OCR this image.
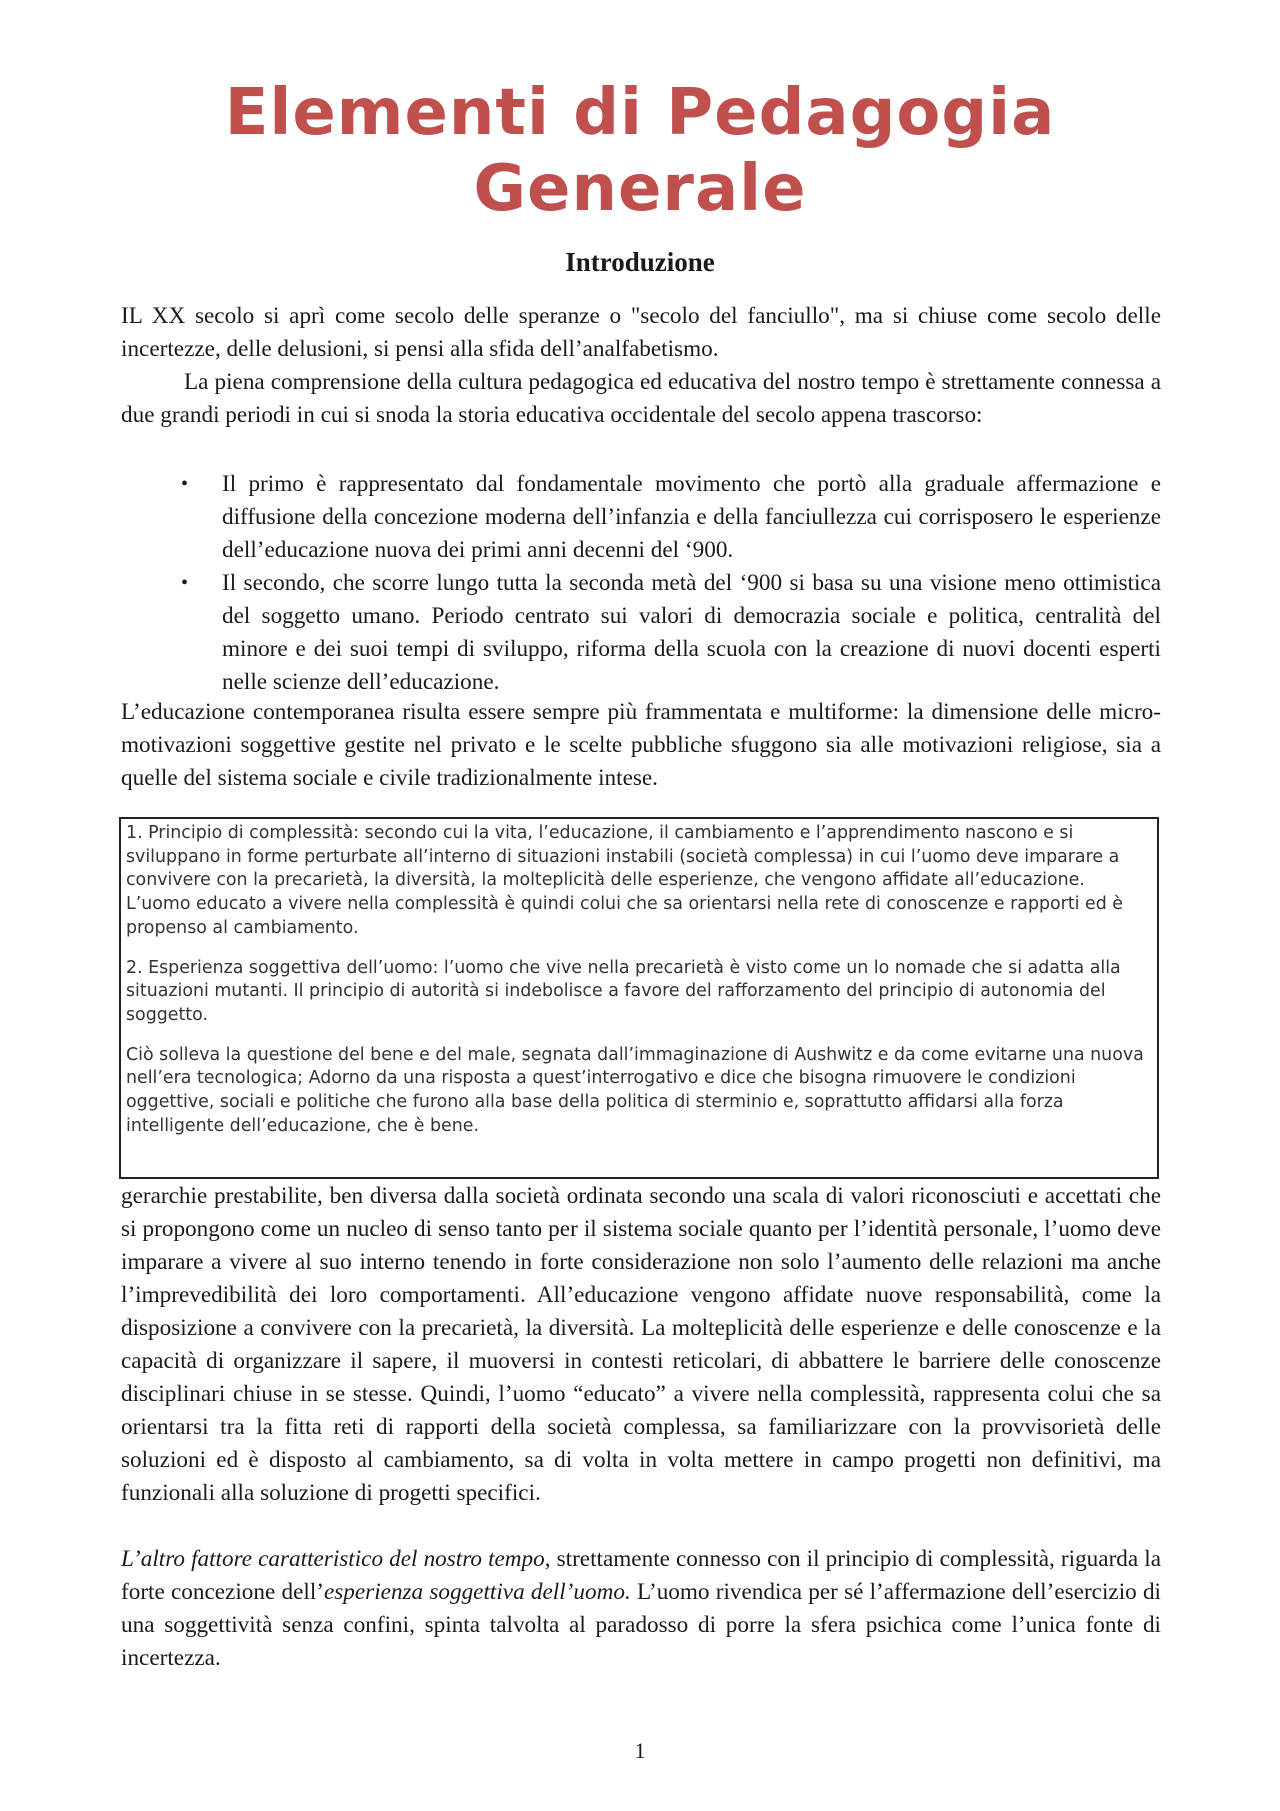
Elementi di Pedagogia
Generale
Introduzione

IL XX secolo si aprì come secolo delle speranze o "secolo del fanciullo", ma si chiuse come secolo delle incertezze, delle delusioni, si pensi alla sfida dell’analfabetismo.

La piena comprensione della cultura pedagogica ed educativa del nostro tempo è strettamente connessa a due grandi periodi in cui si snoda la storia educativa occidentale del secolo appena trascorso:

• Il primo è rappresentato dal fondamentale movimento che portò alla graduale affermazione e diffusione della concezione moderna dell’infanzia e della fanciullezza cui corrisposero le esperienze dell’educazione nuova dei primi anni decenni del ‘900.
• Il secondo, che scorre lungo tutta la seconda metà del ‘900 si basa su una visione meno ottimistica del soggetto umano. Periodo centrato sui valori di democrazia sociale e politica, centralità del minore e dei suoi tempi di sviluppo, riforma della scuola con la creazione di nuovi docenti esperti nelle scienze dell’educazione.

L’educazione contemporanea risulta essere sempre più frammentata e multiforme: la dimensione delle micro-motivazioni soggettive gestite nel privato e le scelte pubbliche sfuggono sia alle motivazioni religiose, sia a quelle del sistema sociale e civile tradizionalmente intese.

1. Principio di complessità: secondo cui la vita, l’educazione, il cambiamento e l’apprendimento nascono e si sviluppano in forme perturbate all’interno di situazioni instabili (società complessa) in cui l’uomo deve imparare a convivere con la precarietà, la diversità, la molteplicità delle esperienze, che vengono affidate all’educazione. L’uomo educato a vivere nella complessità è quindi colui che sa orientarsi nella rete di conoscenze e rapporti ed è propenso al cambiamento.

2. Esperienza soggettiva dell’uomo: l’uomo che vive nella precarietà è visto come un lo nomade che si adatta alla situazioni mutanti. Il principio di autorità si indebolisce a favore del rafforzamento del principio di autonomia del soggetto.

Ciò solleva la questione del bene e del male, segnata dall’immaginazione di Aushwitz e da come evitarne una nuova nell’era tecnologica; Adorno da una risposta a quest’interrogativo e dice che bisogna rimuovere le condizioni oggettive, sociali e politiche che furono alla base della politica di sterminio e, soprattutto affidarsi alla forza intelligente dell’educazione, che è bene.

gerarchie prestabilite, ben diversa dalla società ordinata secondo una scala di valori riconosciuti e accettati che si propongono come un nucleo di senso tanto per il sistema sociale quanto per l’identità personale, l’uomo deve imparare a vivere al suo interno tenendo in forte considerazione non solo l’aumento delle relazioni ma anche l’imprevedibilità dei loro comportamenti. All’educazione vengono affidate nuove responsabilità, come la disposizione a convivere con la precarietà, la diversità. La molteplicità delle esperienze e delle conoscenze e la capacità di organizzare il sapere, il muoversi in contesti reticolari, di abbattere le barriere delle conoscenze disciplinari chiuse in se stesse. Quindi, l’uomo “educato” a vivere nella complessità, rappresenta colui che sa orientarsi tra la fitta reti di rapporti della società complessa, sa familiarizzare con la provvisorietà delle soluzioni ed è disposto al cambiamento, sa di volta in volta mettere in campo progetti non definitivi, ma funzionali alla soluzione di progetti specifici.

L’altro fattore caratteristico del nostro tempo, strettamente connesso con il principio di complessità, riguarda la forte concezione dell’esperienza soggettiva dell’uomo. L’uomo rivendica per sé l’affermazione dell’esercizio di una soggettività senza confini, spinta talvolta al paradosso di porre la sfera psichica come l’unica fonte di incertezza.

1
